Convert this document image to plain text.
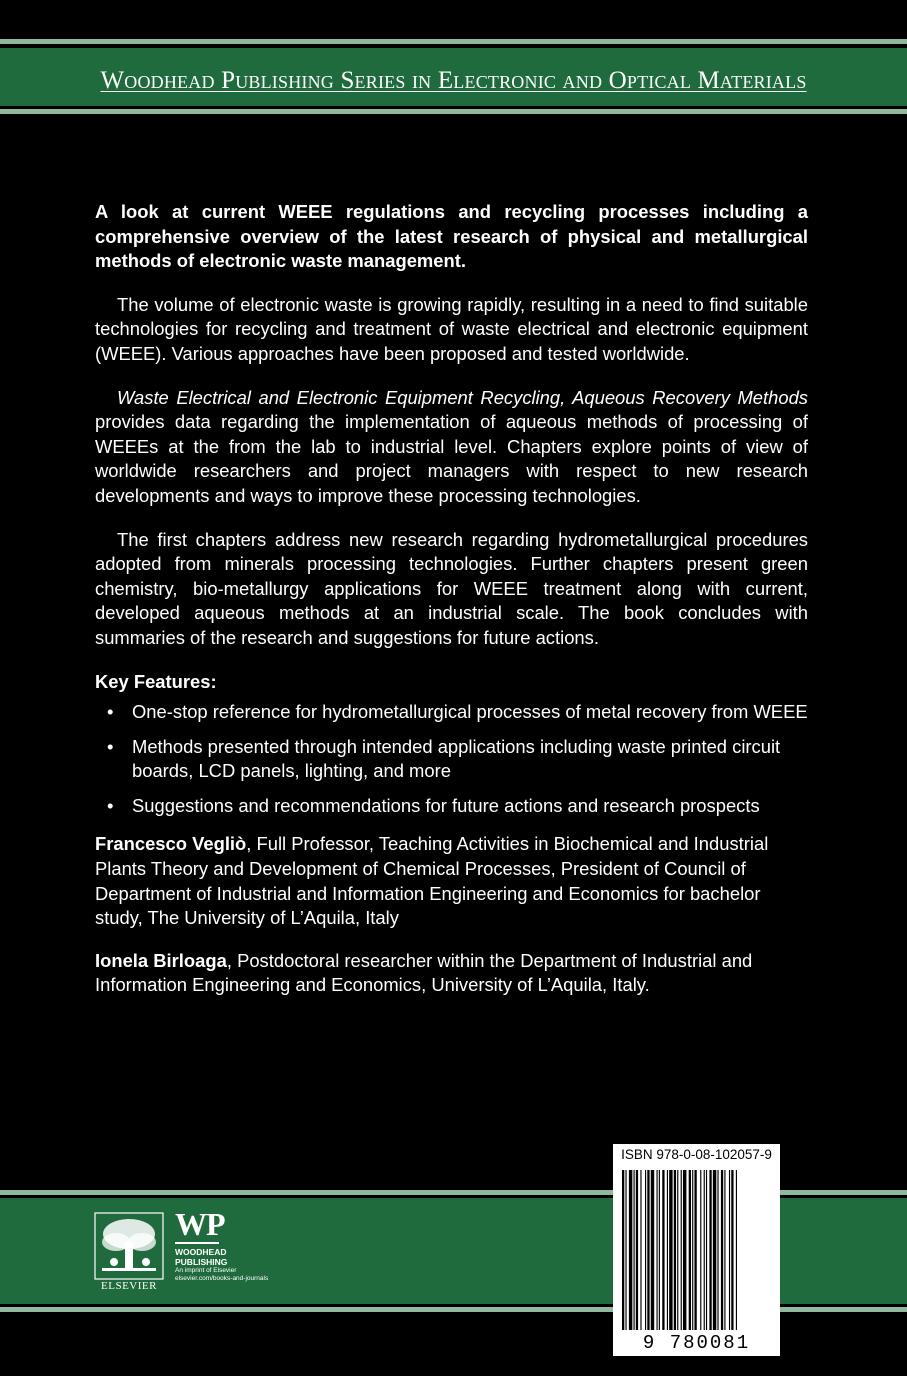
Woodhead Publishing Series in Electronic and Optical Materials

A look at current WEEE regulations and recycling processes including a comprehensive overview of the latest research of physical and metallurgical methods of electronic waste management.

The volume of electronic waste is growing rapidly, resulting in a need to find suitable technologies for recycling and treatment of waste electrical and electronic equipment (WEEE). Various approaches have been proposed and tested worldwide.

Waste Electrical and Electronic Equipment Recycling, Aqueous Recovery Methods provides data regarding the implementation of aqueous methods of processing of WEEEs at the from the lab to industrial level. Chapters explore points of view of worldwide researchers and project managers with respect to new research developments and ways to improve these processing technologies.

The first chapters address new research regarding hydrometallurgical procedures adopted from minerals processing technologies. Further chapters present green chemistry, bio-metallurgy applications for WEEE treatment along with current, developed aqueous methods at an industrial scale. The book concludes with summaries of the research and suggestions for future actions.

Key Features:

• One-stop reference for hydrometallurgical processes of metal recovery from WEEE
• Methods presented through intended applications including waste printed circuit boards, LCD panels, lighting, and more
• Suggestions and recommendations for future actions and research prospects

Francesco Vegliò, Full Professor, Teaching Activities in Biochemical and Industrial Plants Theory and Development of Chemical Processes, President of Council of Department of Industrial and Information Engineering and Economics for bachelor study, The University of L’Aquila, Italy

Ionela Birloaga, Postdoctoral researcher within the Department of Industrial and Information Engineering and Economics, University of L’Aquila, Italy.

ELSEVIER
WP
WOODHEAD
PUBLISHING
An imprint of Elsevier
elsevier.com/books-and-journals
ISBN 978-0-08-102057-9
9 780081 020579
